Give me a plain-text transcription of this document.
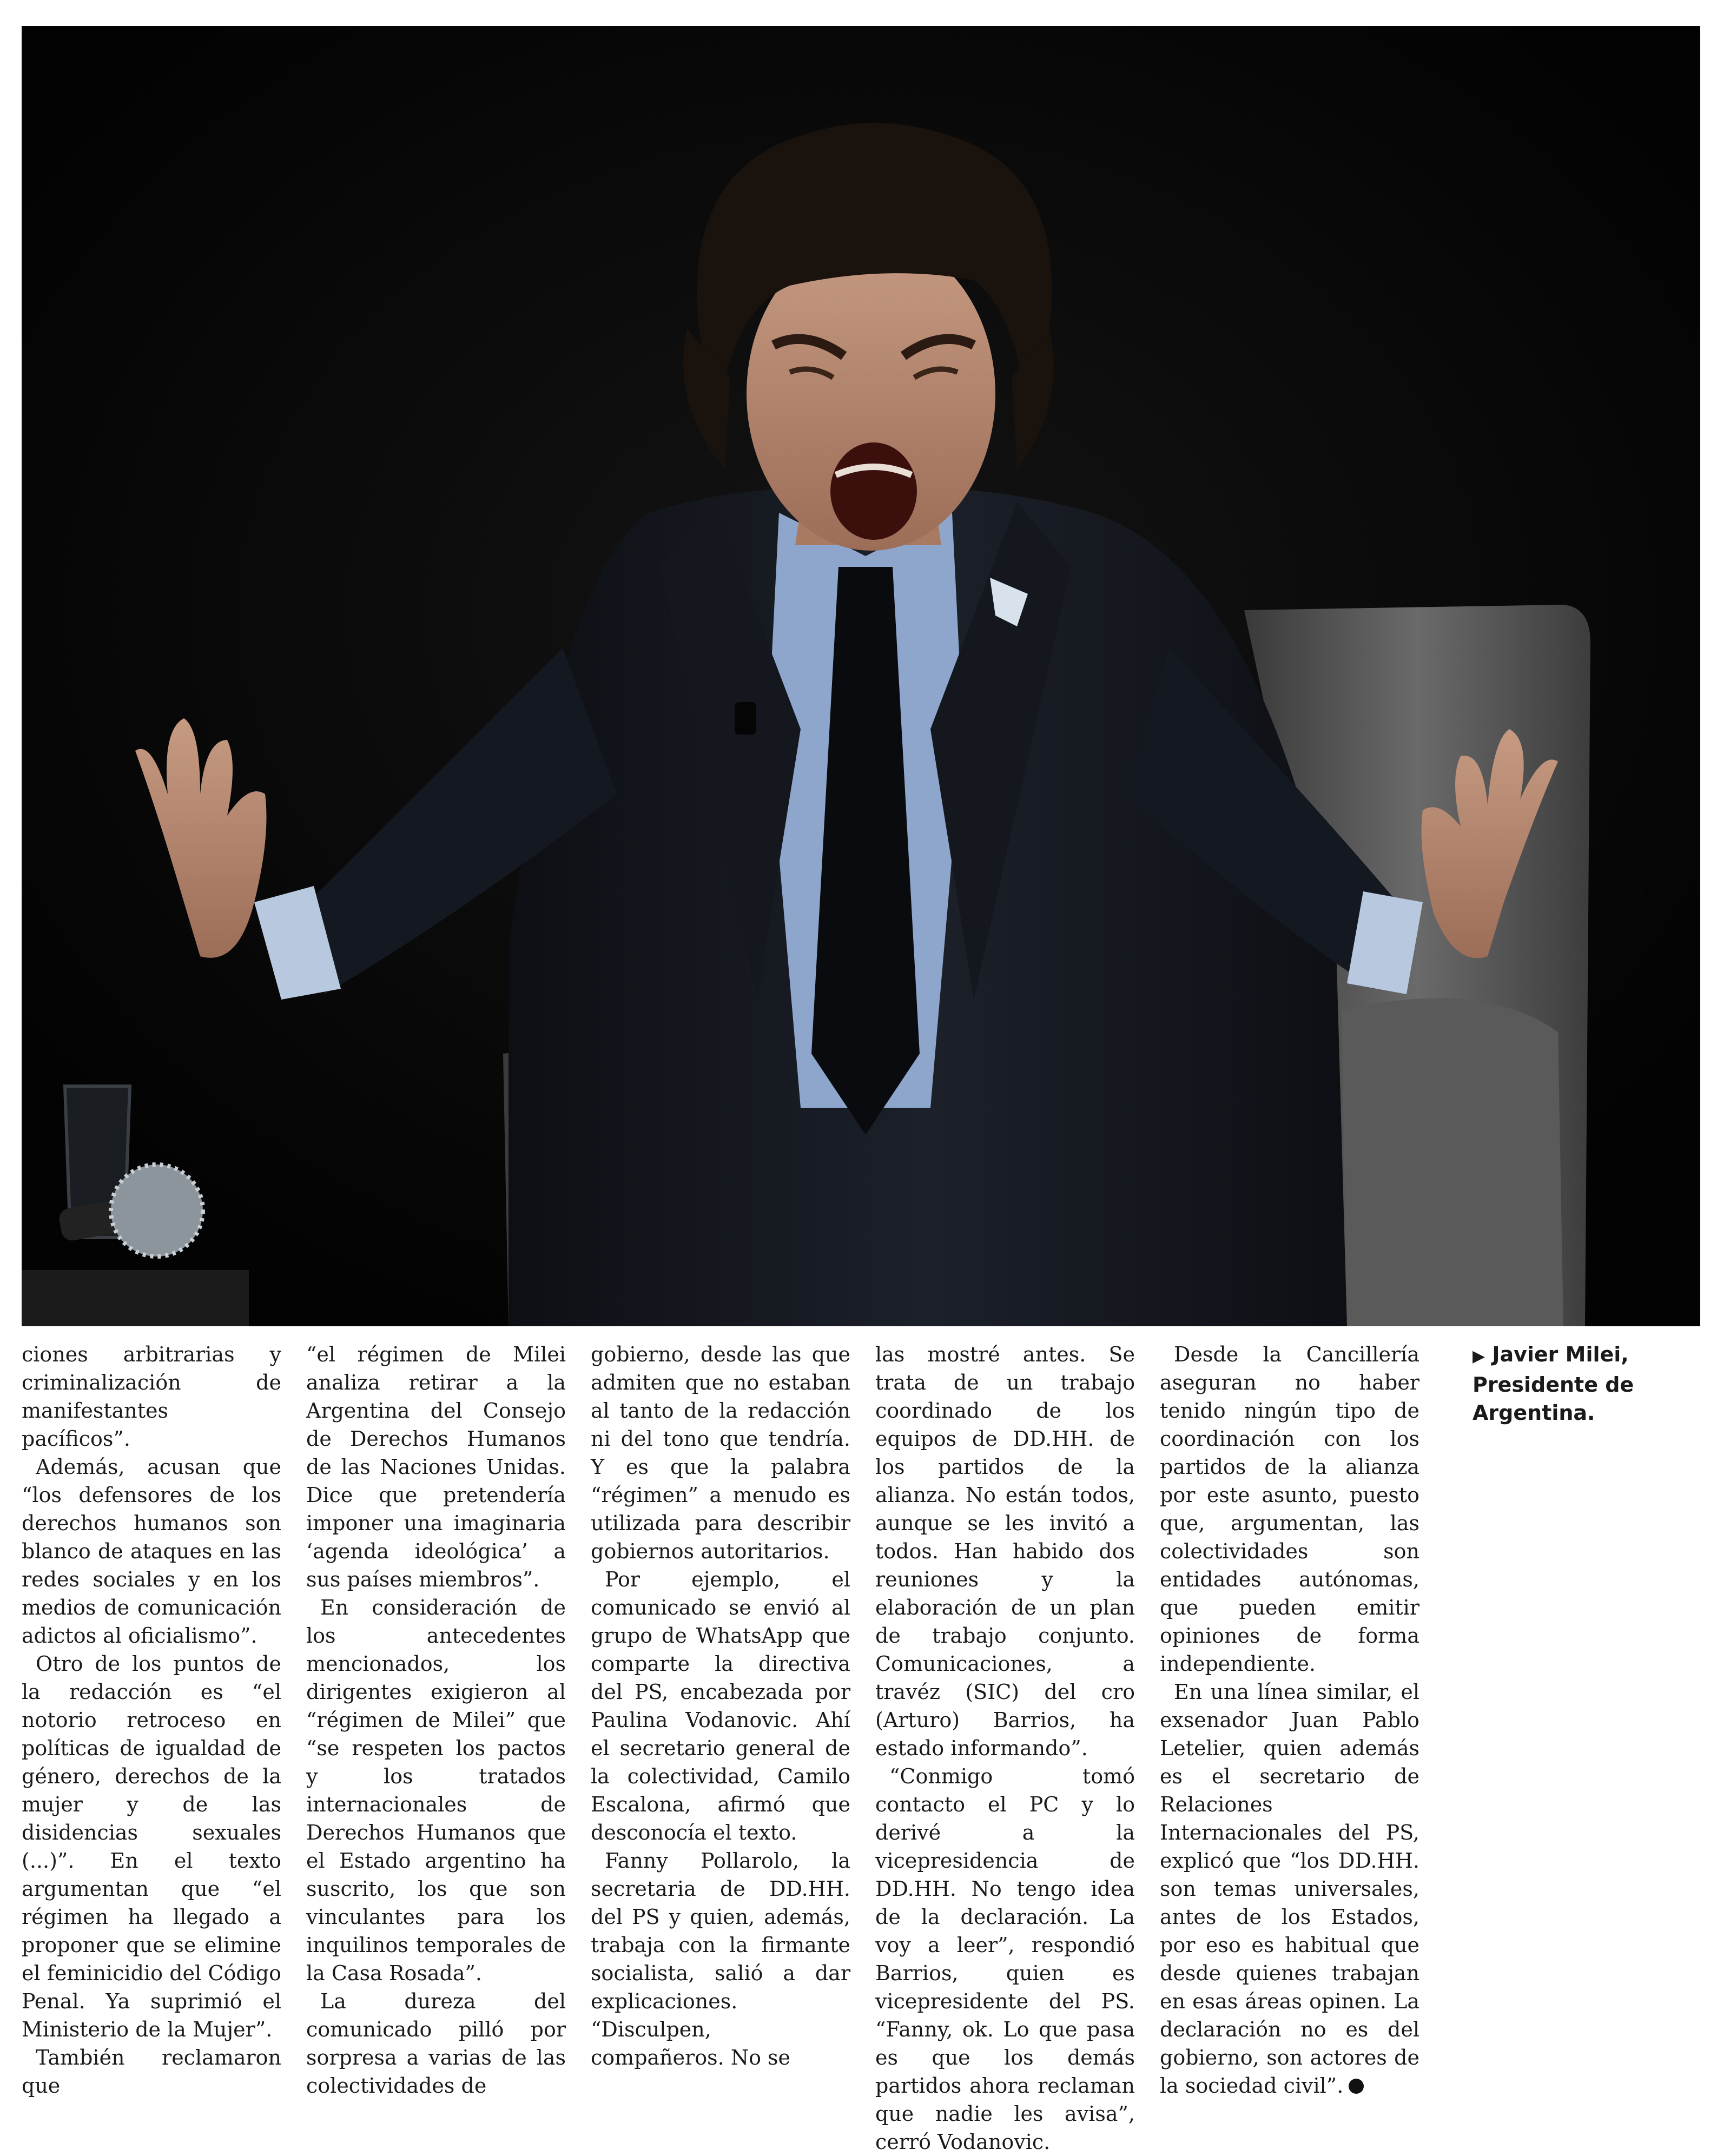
ciones arbitrarias y criminalización de manifestantes pacíficos”.

Además, acusan que “los defensores de los derechos humanos son blanco de ataques en las redes sociales y en los medios de comunicación adictos al oficialismo”.

Otro de los puntos de la redacción es “el notorio retroceso en políticas de igualdad de género, derechos de la mujer y de las disidencias sexuales (...)”. En el texto argumentan que “el régimen ha llegado a proponer que se elimine el feminicidio del Código Penal. Ya suprimió el Ministerio de la Mujer”.

También reclamaron que

“el régimen de Milei analiza retirar a la Argentina del Consejo de Derechos Humanos de las Naciones Unidas. Dice que pretendería imponer una imaginaria ‘agenda ideológica’ a sus países miembros”.

En consideración de los antecedentes mencionados, los dirigentes exigieron al “régimen de Milei” que “se respeten los pactos y los tratados internacionales de Derechos Humanos que el Estado argentino ha suscrito, los que son vinculantes para los inquilinos temporales de la Casa Rosada”.

La dureza del comunicado pilló por sorpresa a varias de las colectividades de

gobierno, desde las que admiten que no estaban al tanto de la redacción ni del tono que tendría. Y es que la palabra “régimen” a menudo es utilizada para describir gobiernos autoritarios.

Por ejemplo, el comunicado se envió al grupo de WhatsApp que comparte la directiva del PS, encabezada por Paulina Vodanovic. Ahí el secretario general de la colectividad, Camilo Escalona, afirmó que desconocía el texto.

Fanny Pollarolo, la secretaria de DD.HH. del PS y quien, además, trabaja con la firmante socialista, salió a dar explicaciones. “Disculpen, compañeros. No se

las mostré antes. Se trata de un trabajo coordinado de los equipos de DD.HH. de los partidos de la alianza. No están todos, aunque se les invitó a todos. Han habido dos reuniones y la elaboración de un plan de trabajo conjunto. Comunicaciones, a travéz (SIC) del cro (Arturo) Barrios, ha estado informando”.

“Conmigo tomó contacto el PC y lo derivé a la vicepresidencia de DD.HH. No tengo idea de la declaración. La voy a leer”, respondió Barrios, quien es vicepresidente del PS. “Fanny, ok. Lo que pasa es que los demás partidos ahora reclaman que nadie les avisa”, cerró Vodanovic.

Desde la Cancillería aseguran no haber tenido ningún tipo de coordinación con los partidos de la alianza por este asunto, puesto que, argumentan, las colectividades son entidades autónomas, que pueden emitir opiniones de forma independiente.

En una línea similar, el exsenador Juan Pablo Letelier, quien además es el secretario de Relaciones Internacionales del PS, explicó que “los DD.HH. son temas universales, antes de los Estados, por eso es habitual que desde quienes trabajan en esas áreas opinen. La declaración no es del gobierno, son actores de la sociedad civil”.

▶ Javier Milei,
Presidente de Argentina.
